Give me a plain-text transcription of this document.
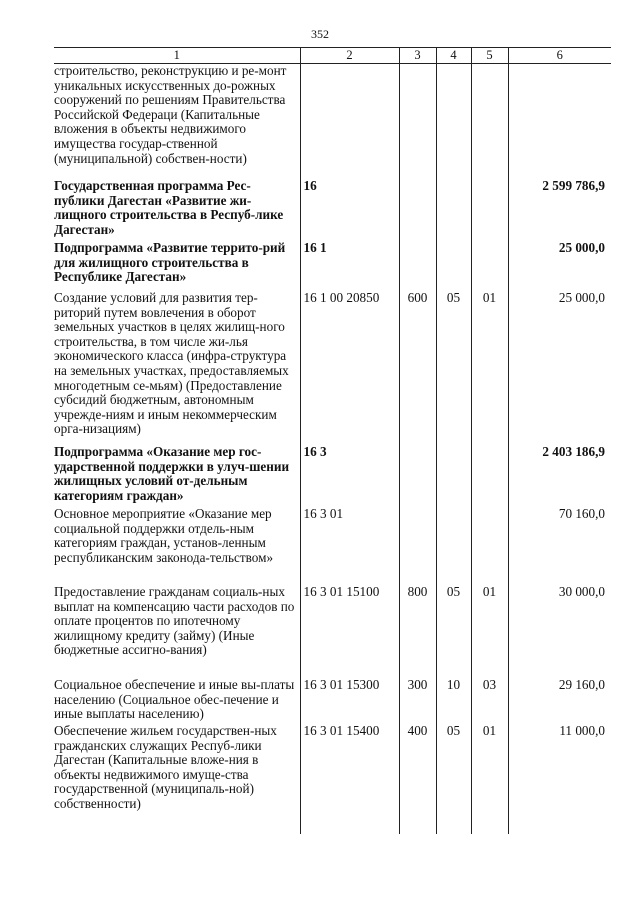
352
1	2	3	4	5	6
строительство, реконструкцию и ре-монт уникальных искусственных до-рожных сооружений по решениям Правительства Российской Федераци (Капитальные вложения в объекты недвижимого имущества государ-ственной (муниципальной) собствен-ности)					
Государственная программа Рес-публики Дагестан «Развитие жи-лищного строительства в Респуб-лике Дагестан»	16				2 599 786,9
Подпрограмма «Развитие террито-рий для жилищного строительства в Республике Дагестан»	16 1				25 000,0
Создание условий для развития тер-риторий путем вовлечения в оборот земельных участков в целях жилищ-ного строительства, в том числе жи-лья экономического класса (инфра-структура на земельных участках, предоставляемых многодетным се-мьям) (Предоставление субсидий бюджетным, автономным учрежде-ниям и иным некоммерческим орга-низациям)	16 1 00 20850	600	05	01	25 000,0
Подпрограмма «Оказание мер гос-ударственной поддержки в улуч-шении жилищных условий от-дельным категориям граждан»	16 3				2 403 186,9
Основное мероприятие «Оказание мер социальной поддержки отдель-ным категориям граждан, установ-ленным республиканским законода-тельством»	16 3 01				70 160,0
Предоставление гражданам социаль-ных выплат на компенсацию части расходов по оплате процентов по ипотечному жилищному кредиту (займу) (Иные бюджетные ассигно-вания)	16 3 01 15100	800	05	01	30 000,0
Социальное обеспечение и иные вы-платы населению (Социальное обес-печение и иные выплаты населению)	16 3 01 15300	300	10	03	29 160,0
Обеспечение жильем государствен-ных гражданских служащих Респуб-лики Дагестан (Капитальные вложе-ния в объекты недвижимого имуще-ства государственной (муниципаль-ной) собственности)	16 3 01 15400	400	05	01	11 000,0
